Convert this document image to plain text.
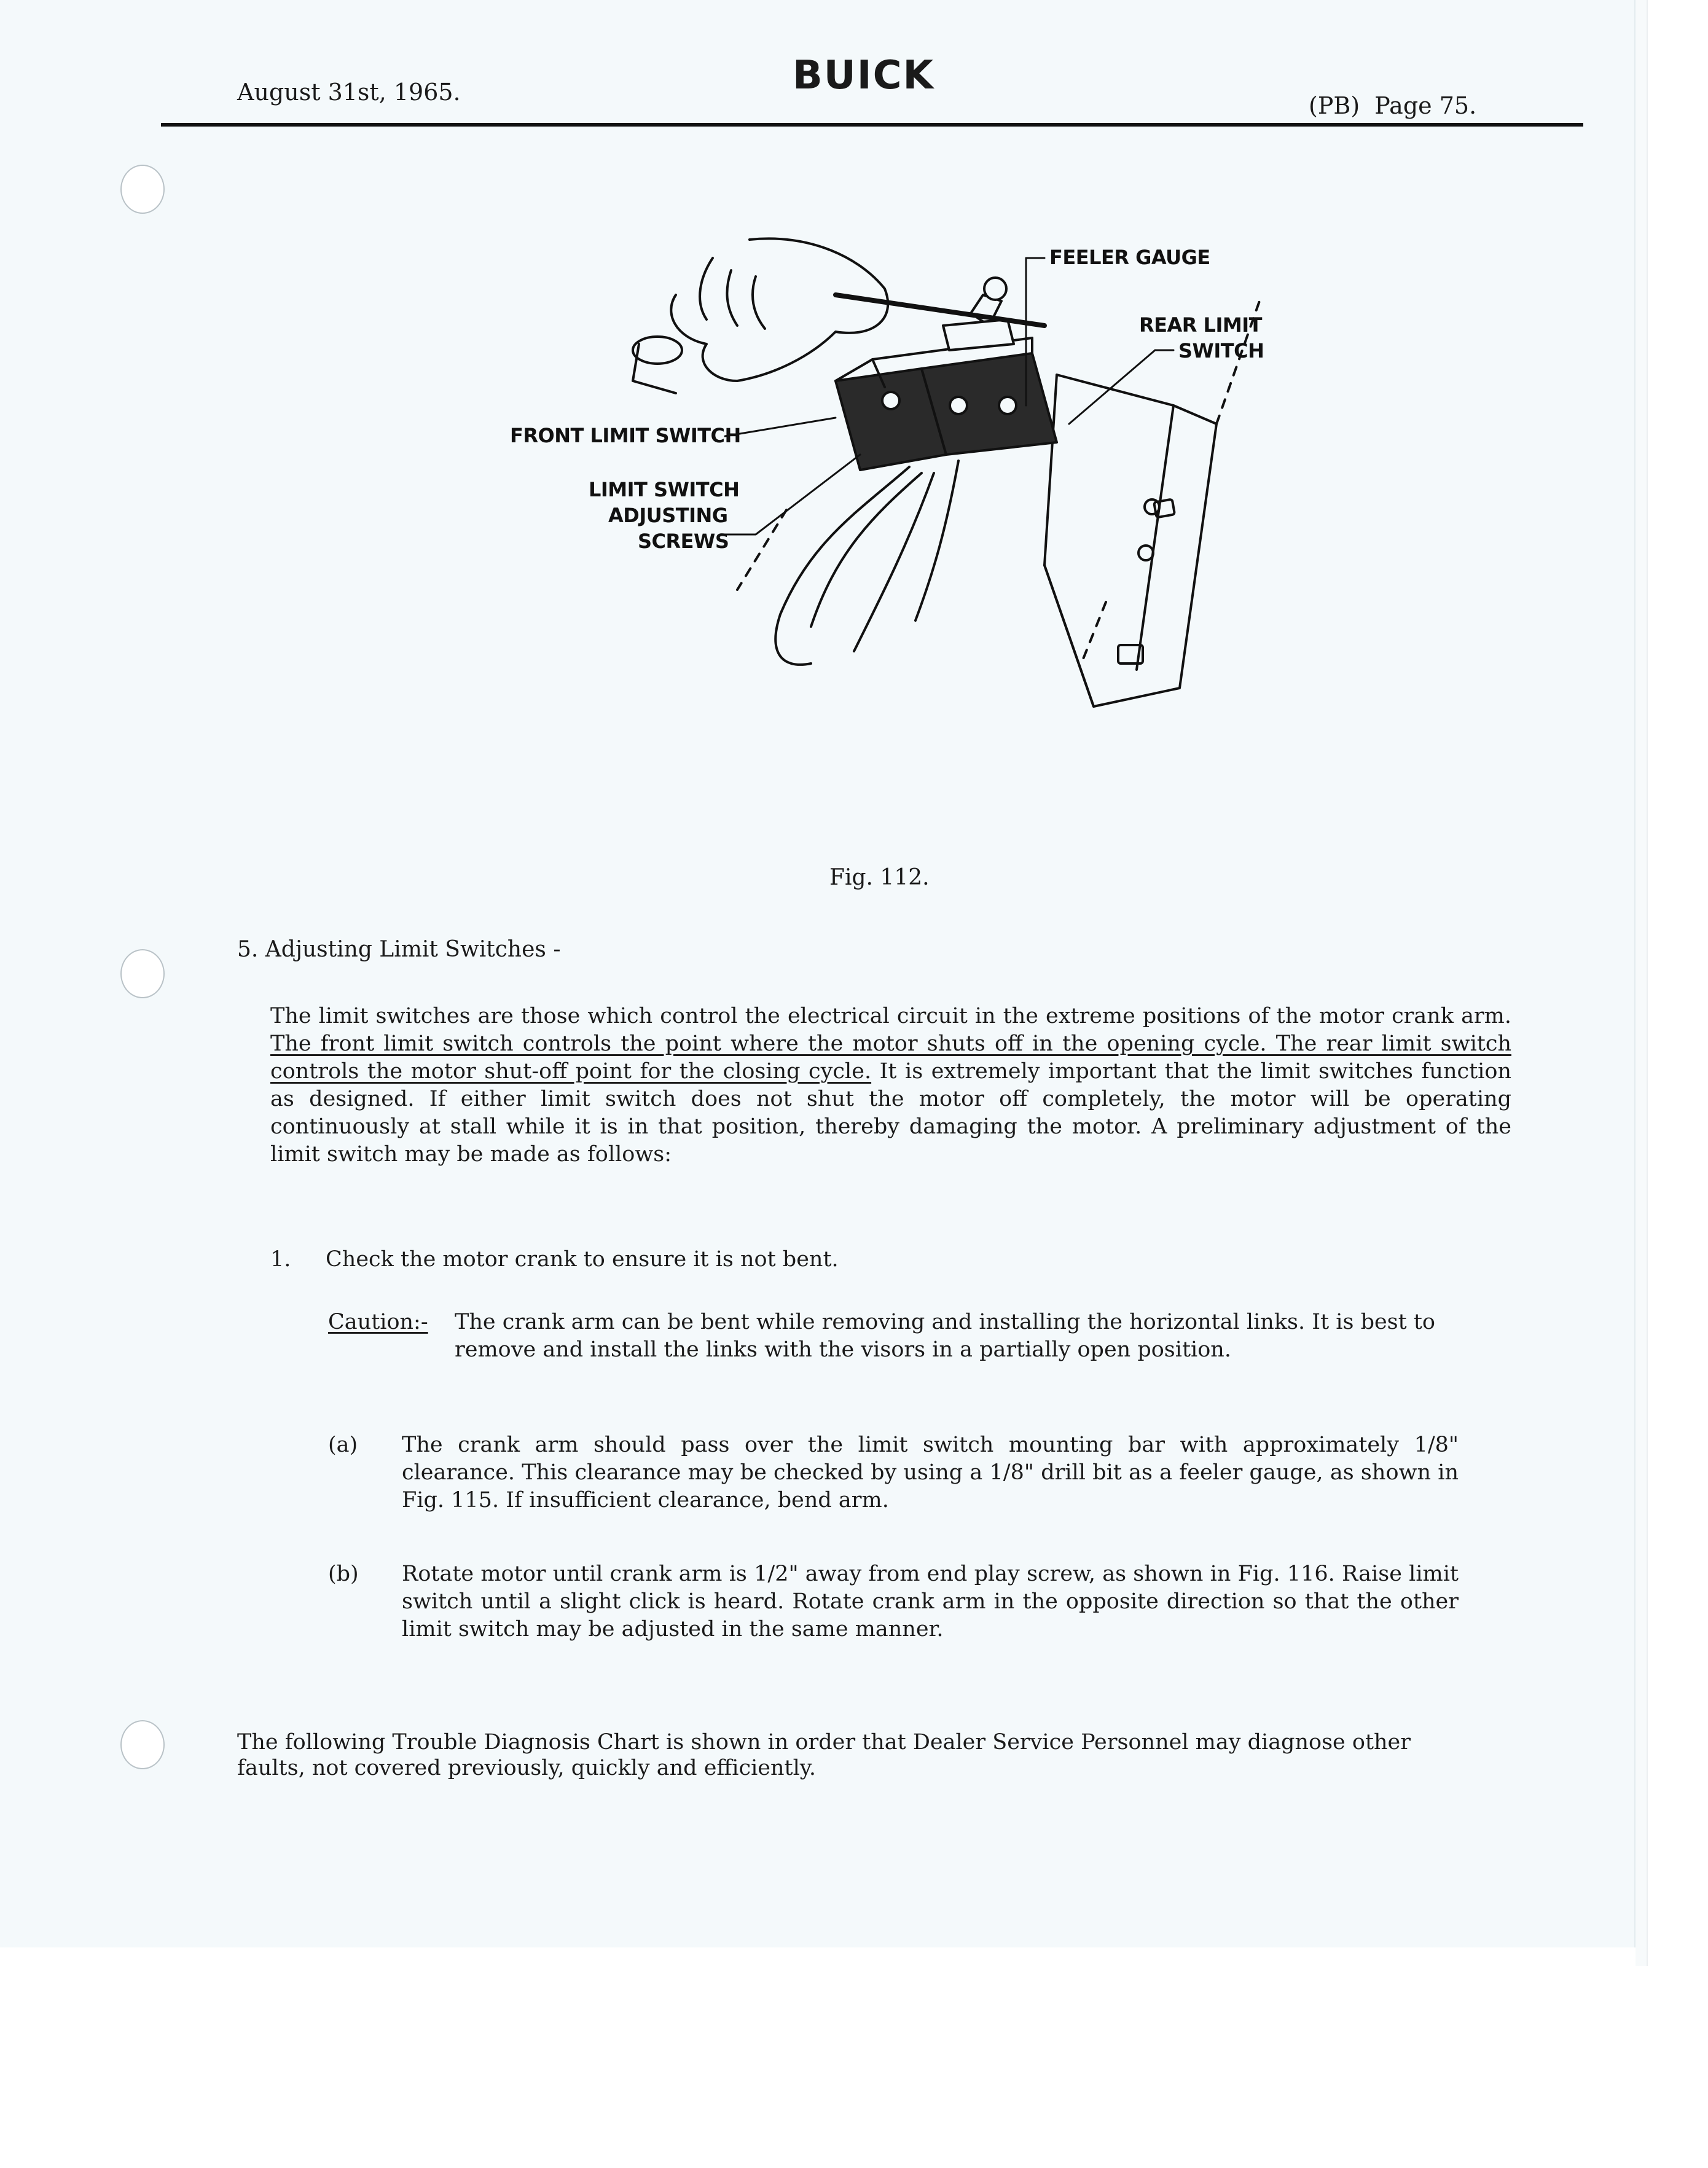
August 31st, 1965.	BUICK
(PB)  Page 75.
FEELER GAUGE
REAR LIMIT
SWITCH
FRONT LIMIT SWITCH
LIMIT SWITCH
ADJUSTING
SCREWS
Fig. 112.
5. Adjusting Limit Switches -
The limit switches are those which control the electrical circuit in the extreme positions of the motor crank arm. The front limit switch controls the point where the motor shuts off in the opening cycle. The rear limit switch controls the motor shut-off point for the closing cycle. It is extremely important that the limit switches function as designed. If either limit switch does not shut the motor off completely, the motor will be operating continuously at stall while it is in that position, thereby damaging the motor. A preliminary adjustment of the limit switch may be made as follows:
1. Check the motor crank to ensure it is not bent.
Caution:- The crank arm can be bent while removing and installing the horizontal links. It is best to remove and install the links with the visors in a partially open position.
(a) The crank arm should pass over the limit switch mounting bar with approximately 1/8" clearance. This clearance may be checked by using a 1/8" drill bit as a feeler gauge, as shown in Fig. 115. If insufficient clearance, bend arm.
(b) Rotate motor until crank arm is 1/2" away from end play screw, as shown in Fig. 116. Raise limit switch until a slight click is heard. Rotate crank arm in the opposite direction so that the other limit switch may be adjusted in the same manner.
The following Trouble Diagnosis Chart is shown in order that Dealer Service Personnel may diagnose other faults, not covered previously, quickly and efficiently.
